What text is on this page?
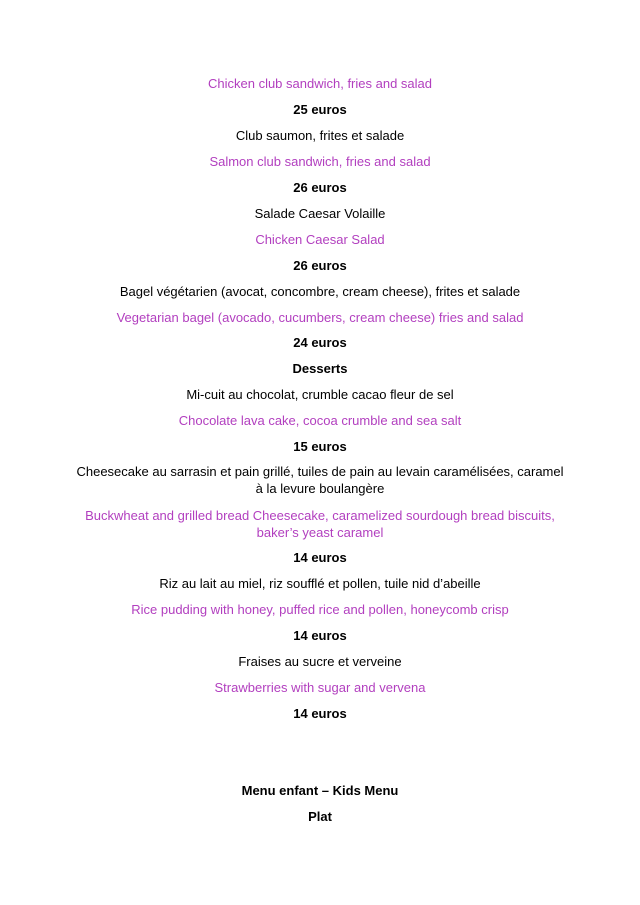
Chicken club sandwich, fries and salad

25 euros

Club saumon, frites et salade

Salmon club sandwich, fries and salad

26 euros

Salade Caesar Volaille

Chicken Caesar Salad

26 euros

Bagel végétarien (avocat, concombre, cream cheese), frites et salade

Vegetarian bagel (avocado, cucumbers, cream cheese) fries and salad

24 euros

Desserts

Mi-cuit au chocolat, crumble cacao fleur de sel

Chocolate lava cake, cocoa crumble and sea salt

15 euros

Cheesecake au sarrasin et pain grillé, tuiles de pain au levain caramélisées, caramel

à la levure boulangère

Buckwheat and grilled bread Cheesecake, caramelized sourdough bread biscuits,

baker’s yeast caramel

14 euros

Riz au lait au miel, riz soufflé et pollen, tuile nid d’abeille

Rice pudding with honey, puffed rice and pollen, honeycomb crisp

14 euros

Fraises au sucre et verveine

Strawberries with sugar and vervena

14 euros

Menu enfant – Kids Menu

Plat
